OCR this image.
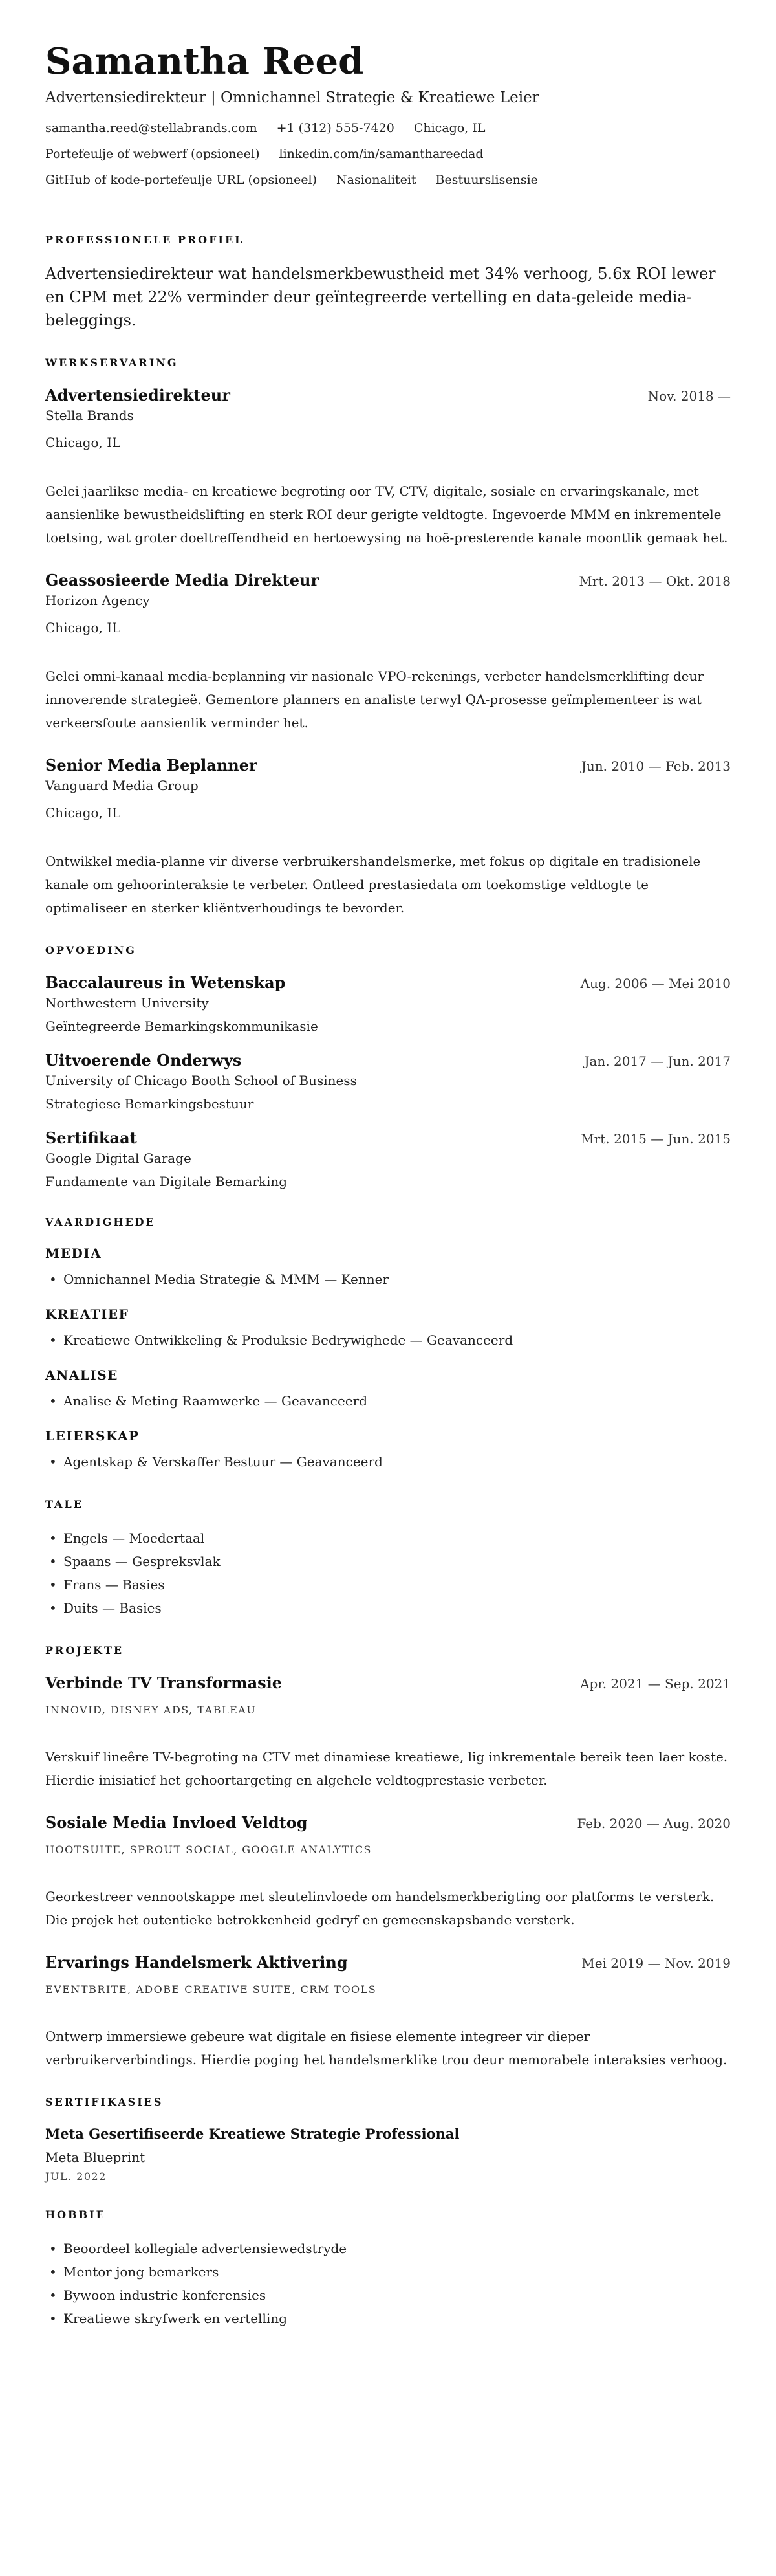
Samantha Reed
Advertensiedirekteur | Omnichannel Strategie & Kreatiewe Leier
samantha.reed@stellabrands.com +1 (312) 555-7420 Chicago, IL
Portefeulje of webwerf (opsioneel) linkedin.com/in/samanthareedad
GitHub of kode-portefeulje URL (opsioneel) Nasionaliteit Bestuurslisensie
PROFESSIONELE PROFIEL

Advertensiedirekteur wat handelsmerkbewustheid met 34% verhoog, 5.6x ROI lewer en CPM met 22% verminder deur geïntegreerde vertelling en data-geleide media-beleggings.

WERKSERVARING
Advertensiedirekteur	Nov. 2018 —
Stella Brands
Chicago, IL

Gelei jaarlikse media- en kreatiewe begroting oor TV, CTV, digitale, sosiale en ervaringskanale, met aansienlike bewustheidslifting en sterk ROI deur gerigte veldtogte. Ingevoerde MMM en inkrementele toetsing, wat groter doeltreffendheid en hertoewysing na hoë-presterende kanale moontlik gemaak het.

Geassosieerde Media Direkteur	Mrt. 2013 — Okt. 2018
Horizon Agency
Chicago, IL

Gelei omni-kanaal media-beplanning vir nasionale VPO-rekenings, verbeter handelsmerklifting deur innoverende strategieë. Gementore planners en analiste terwyl QA-prosesse geïmplementeer is wat verkeersfoute aansienlik verminder het.

Senior Media Beplanner	Jun. 2010 — Feb. 2013
Vanguard Media Group
Chicago, IL

Ontwikkel media-planne vir diverse verbruikershandelsmerke, met fokus op digitale en tradisionele kanale om gehoorinteraksie te verbeter. Ontleed prestasiedata om toekomstige veldtogte te optimaliseer en sterker kliëntverhoudings te bevorder.

OPVOEDING
Baccalaureus in Wetenskap	Aug. 2006 — Mei 2010
Northwestern University
Geïntegreerde Bemarkingskommunikasie
Uitvoerende Onderwys	Jan. 2017 — Jun. 2017
University of Chicago Booth School of Business
Strategiese Bemarkingsbestuur
Sertifikaat	Mrt. 2015 — Jun. 2015
Google Digital Garage
Fundamente van Digitale Bemarking
VAARDIGHEDE
MEDIA
• Omnichannel Media Strategie & MMM — Kenner
KREATIEF
• Kreatiewe Ontwikkeling & Produksie Bedrywighede — Geavanceerd
ANALISE
• Analise & Meting Raamwerke — Geavanceerd
LEIERSKAP
• Agentskap & Verskaffer Bestuur — Geavanceerd
TALE
• Engels — Moedertaal
• Spaans — Gespreksvlak
• Frans — Basies
• Duits — Basies
PROJEKTE
Verbinde TV Transformasie	Apr. 2021 — Sep. 2021
INNOVID, DISNEY ADS, TABLEAU

Verskuif lineêre TV-begroting na CTV met dinamiese kreatiewe, lig inkrementale bereik teen laer koste. Hierdie inisiatief het gehoortargeting en algehele veldtogprestasie verbeter.

Sosiale Media Invloed Veldtog	Feb. 2020 — Aug. 2020
HOOTSUITE, SPROUT SOCIAL, GOOGLE ANALYTICS

Georkestreer vennootskappe met sleutelinvloede om handelsmerkberigting oor platforms te versterk. Die projek het outentieke betrokkenheid gedryf en gemeenskapsbande versterk.

Ervarings Handelsmerk Aktivering	Mei 2019 — Nov. 2019
EVENTBRITE, ADOBE CREATIVE SUITE, CRM TOOLS

Ontwerp immersiewe gebeure wat digitale en fisiese elemente integreer vir dieper verbruikerverbindings. Hierdie poging het handelsmerklike trou deur memorabele interaksies verhoog.

SERTIFIKASIES
Meta Gesertifiseerde Kreatiewe Strategie Professional
Meta Blueprint
JUL. 2022
HOBBIE
• Beoordeel kollegiale advertensiewedstryde
• Mentor jong bemarkers
• Bywoon industrie konferensies
• Kreatiewe skryfwerk en vertelling
